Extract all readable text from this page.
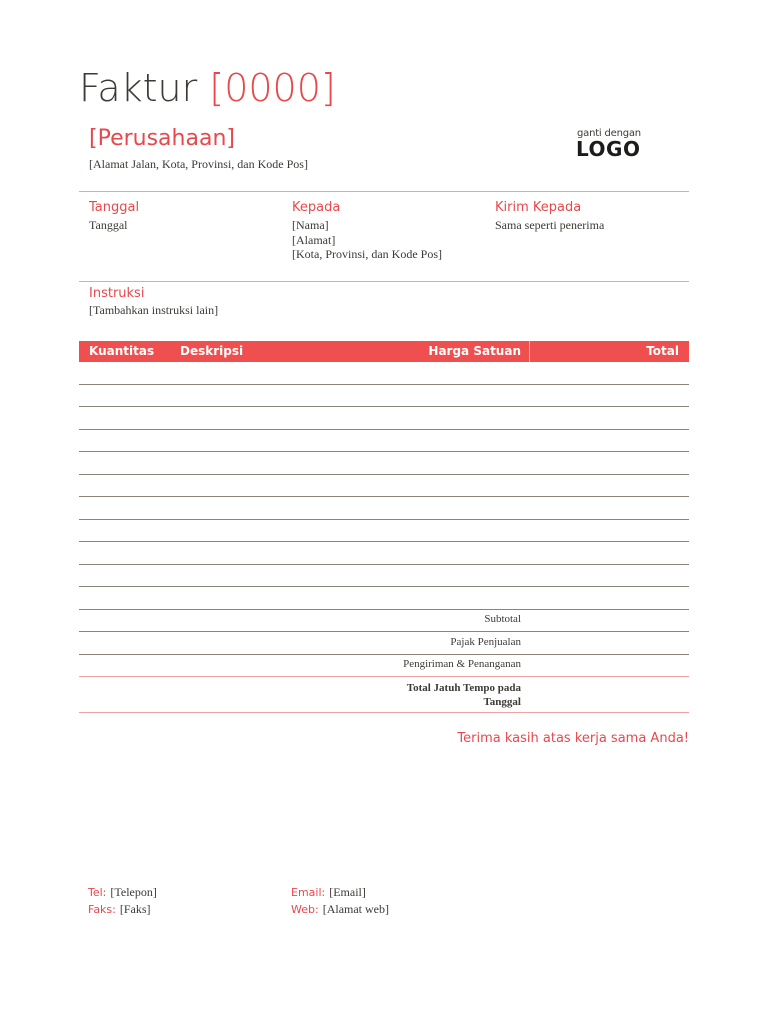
Faktur [0000]
[Perusahaan]
[Alamat Jalan, Kota, Provinsi, dan Kode Pos]
ganti dengan
LOGO
Tanggal
Tanggal
Kepada
[Nama]
[Alamat]
[Kota, Provinsi, dan Kode Pos]
Kirim Kepada
Sama seperti penerima
Instruksi
[Tambahkan instruksi lain]
Kuantitas Deskripsi	Harga Satuan	Total
Subtotal
Pajak Penjualan
Pengiriman & Penanganan
Total Jatuh Tempo pada
Tanggal
Terima kasih atas kerja sama Anda!
Tel: [Telepon]
Faks: [Faks]
Email: [Email]
Web: [Alamat web]
